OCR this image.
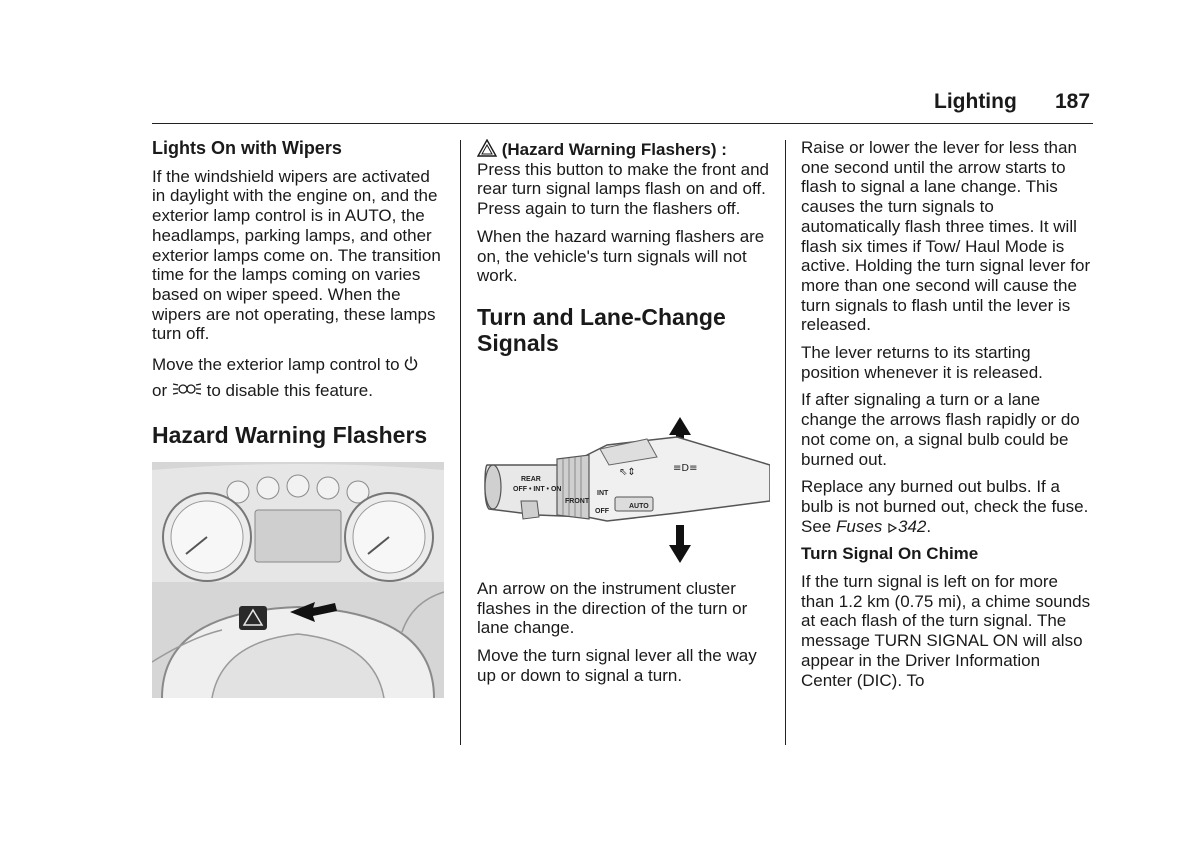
Lighting 187
Lights On with Wipers

If the windshield wipers are activated in daylight with the engine on, and the exterior lamp control is in AUTO, the headlamps, parking lamps, and other exterior lamps come on. The transition time for the lamps coming on varies based on wiper speed. When the wipers are not operating, these lamps turn off.

Move the exterior lamp control to
or to disable this feature.

Hazard Warning Flashers

(Hazard Warning Flashers) : Press this button to make the front and rear turn signal lamps flash on and off. Press again to turn the flashers off.

When the hazard warning flashers are on, the vehicle's turn signals will not work.

Turn and Lane-Change
Signals
REAR
OFF • INT • ON
FRONT
INT
OFF
AUTO
⇖⇕	≡D≡

An arrow on the instrument cluster flashes in the direction of the turn or lane change.

Move the turn signal lever all the way up or down to signal a turn.

Raise or lower the lever for less than one second until the arrow starts to flash to signal a lane change. This causes the turn signals to automatically flash three times. It will flash six times if Tow/ Haul Mode is active. Holding the turn signal lever for more than one second will cause the turn signals to flash until the lever is released.

The lever returns to its starting position whenever it is released.

If after signaling a turn or a lane change the arrows flash rapidly or do not come on, a signal bulb could be burned out.

Replace any burned out bulbs. If a bulb is not burned out, check the fuse. See Fuses 342.

Turn Signal On Chime

If the turn signal is left on for more than 1.2 km (0.75 mi), a chime sounds at each flash of the turn signal. The message TURN SIGNAL ON will also appear in the Driver Information Center (DIC). To
